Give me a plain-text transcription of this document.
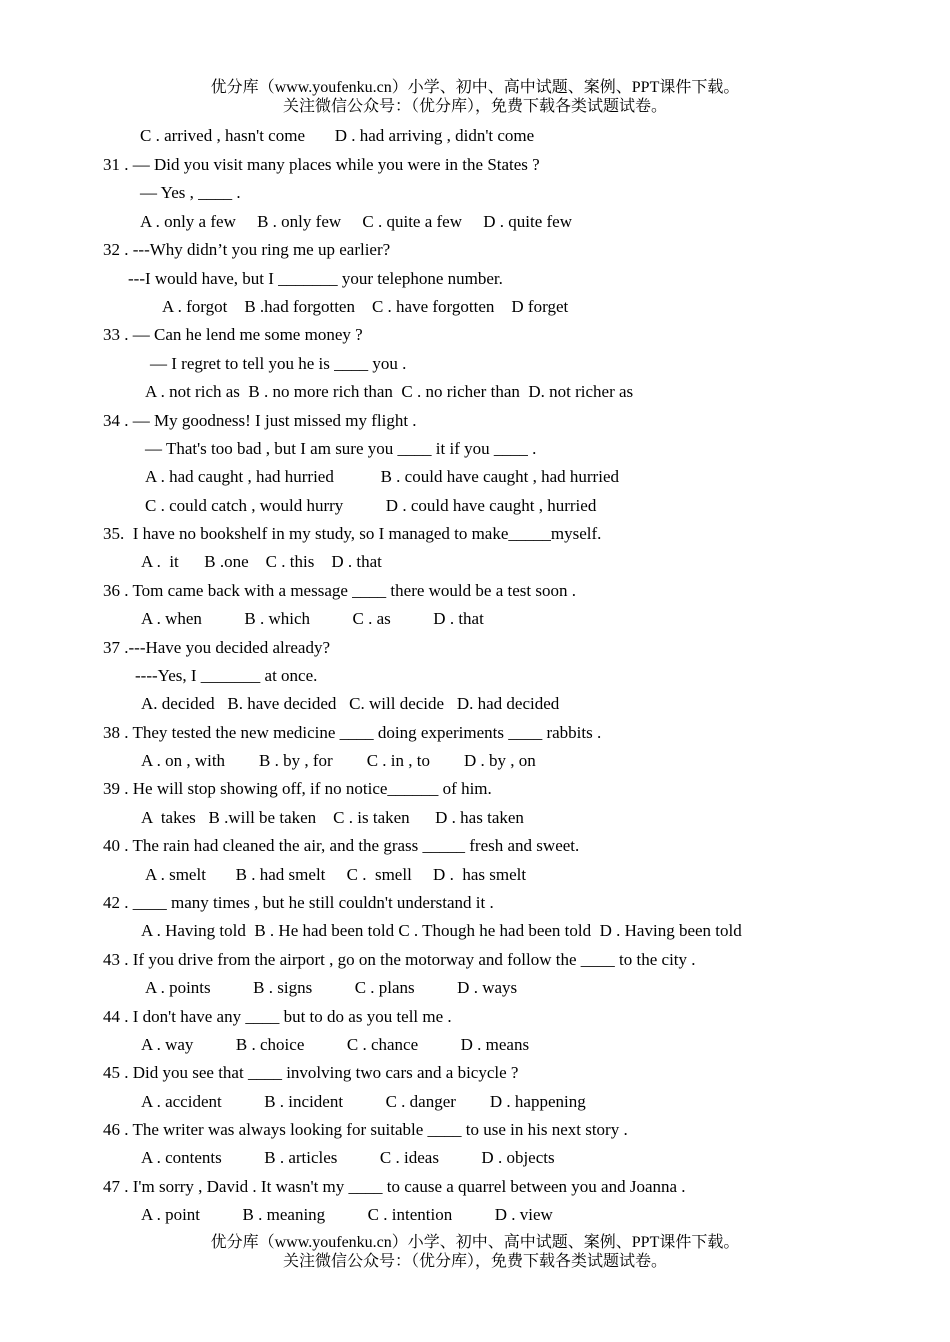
优分库（www.youfenku.cn）小学、初中、高中试题、案例、PPT课件下载。
关注微信公众号：（优分库），免费下载各类试题试卷。
C . arrived , hasn't come       D . had arriving , didn't come
31 . — Did you visit many places while you were in the States ?
— Yes , ____ .
A . only a few     B . only few     C . quite a few     D . quite few
32 . ---Why didn’t you ring me up earlier?
---I would have, but I _______ your telephone number.
A . forgot    B .had forgotten    C . have forgotten    D forget
33 . — Can he lend me some money ?
— I regret to tell you he is ____ you .
A . not rich as  B . no more rich than  C . no richer than  D. not richer as
34 . — My goodness! I just missed my flight .
— That's too bad , but I am sure you ____ it if you ____ .
A . had caught , had hurried           B . could have caught , had hurried
C . could catch , would hurry          D . could have caught , hurried
35.  I have no bookshelf in my study, so I managed to make_____myself.
A .  it      B .one    C . this    D . that
36 . Tom came back with a message ____ there would be a test soon .
A . when          B . which          C . as          D . that
37 .---Have you decided already?
----Yes, I _______ at once.
A. decided   B. have decided   C. will decide   D. had decided
38 . They tested the new medicine ____ doing experiments ____ rabbits .
A . on , with        B . by , for        C . in , to        D . by , on
39 . He will stop showing off, if no notice______ of him.
A  takes   B .will be taken    C . is taken      D . has taken
40 . The rain had cleaned the air, and the grass _____ fresh and sweet.
A . smelt       B . had smelt     C .  smell     D .  has smelt
42 . ____ many times , but he still couldn't understand it .
A . Having told  B . He had been told C . Though he had been told  D . Having been told
43 . If you drive from the airport , go on the motorway and follow the ____ to the city .
A . points          B . signs          C . plans          D . ways
44 . I don't have any ____ but to do as you tell me .
A . way          B . choice          C . chance          D . means
45 . Did you see that ____ involving two cars and a bicycle ?
A . accident          B . incident          C . danger        D . happening
46 . The writer was always looking for suitable ____ to use in his next story .
A . contents          B . articles          C . ideas          D . objects
47 . I'm sorry , David . It wasn't my ____ to cause a quarrel between you and Joanna .
A . point          B . meaning          C . intention          D . view
优分库（www.youfenku.cn）小学、初中、高中试题、案例、PPT课件下载。
关注微信公众号：（优分库），免费下载各类试题试卷。
